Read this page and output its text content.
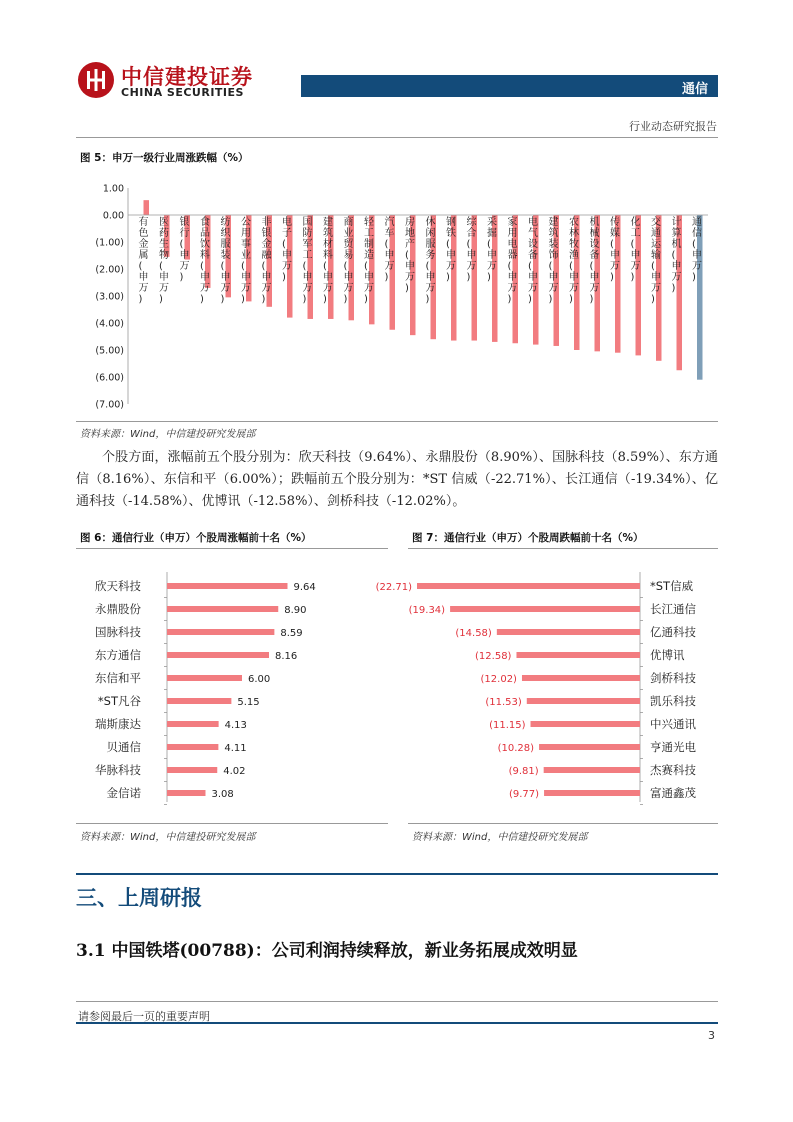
中信建投证券
CHINA SECURITIES	通信
行业动态研究报告
图 5：申万一级行业周涨跌幅（%）
1.00
0.00
(1.00)
(2.00)
(3.00)
(4.00)
(5.00)
(6.00)
(7.00)
有色金属(申万)
医药生物(申万)
银行(申万)
食品饮料(申万)
纺织服装(申万)
公用事业(申万)
非银金融(申万)
电子(申万)
国防军工(申万)
建筑材料(申万)
商业贸易(申万)
轻工制造(申万)
汽车(申万)
房地产(申万)
休闲服务(申万)
钢铁(申万)
综合(申万)
采掘(申万)
家用电器(申万)
电气设备(申万)
建筑装饰(申万)
农林牧渔(申万)
机械设备(申万)
传媒(申万)
化工(申万)
交通运输(申万)
计算机(申万)
通信(申万)
资料来源：Wind，中信建投研究发展部
个股方面，涨幅前五个股分别为：欣天科技（9.64%）、永鼎股份（8.90%）、国脉科技（8.59%）、东方通信（8.16%）、东信和平（6.00%）；跌幅前五个股分别为：*ST 信威（-22.71%）、长江通信（-19.34%）、亿通科技（-14.58%）、优博讯（-12.58%）、剑桥科技（-12.02%）。
图 6：通信行业（申万）个股周涨幅前十名（%）	图 7：通信行业（申万）个股周跌幅前十名（%）
欣天科技	9.64
永鼎股份	8.90
国脉科技	8.59
东方通信	8.16
东信和平	6.00
*ST凡谷	5.15
瑞斯康达	4.13
贝通信	4.11
华脉科技	4.02
金信诺	3.08
(22.71)	*ST信威
(19.34)	长江通信
(14.58)	亿通科技
(12.58)	优博讯
(12.02)	剑桥科技
(11.53)	凯乐科技
(11.15)	中兴通讯
(10.28)	亨通光电
(9.81)	杰赛科技
(9.77)	富通鑫茂
资料来源：Wind，中信建投研究发展部	资料来源：Wind，中信建投研究发展部
三、上周研报
3.1 中国铁塔(00788)：公司利润持续释放，新业务拓展成效明显
请参阅最后一页的重要声明
3
